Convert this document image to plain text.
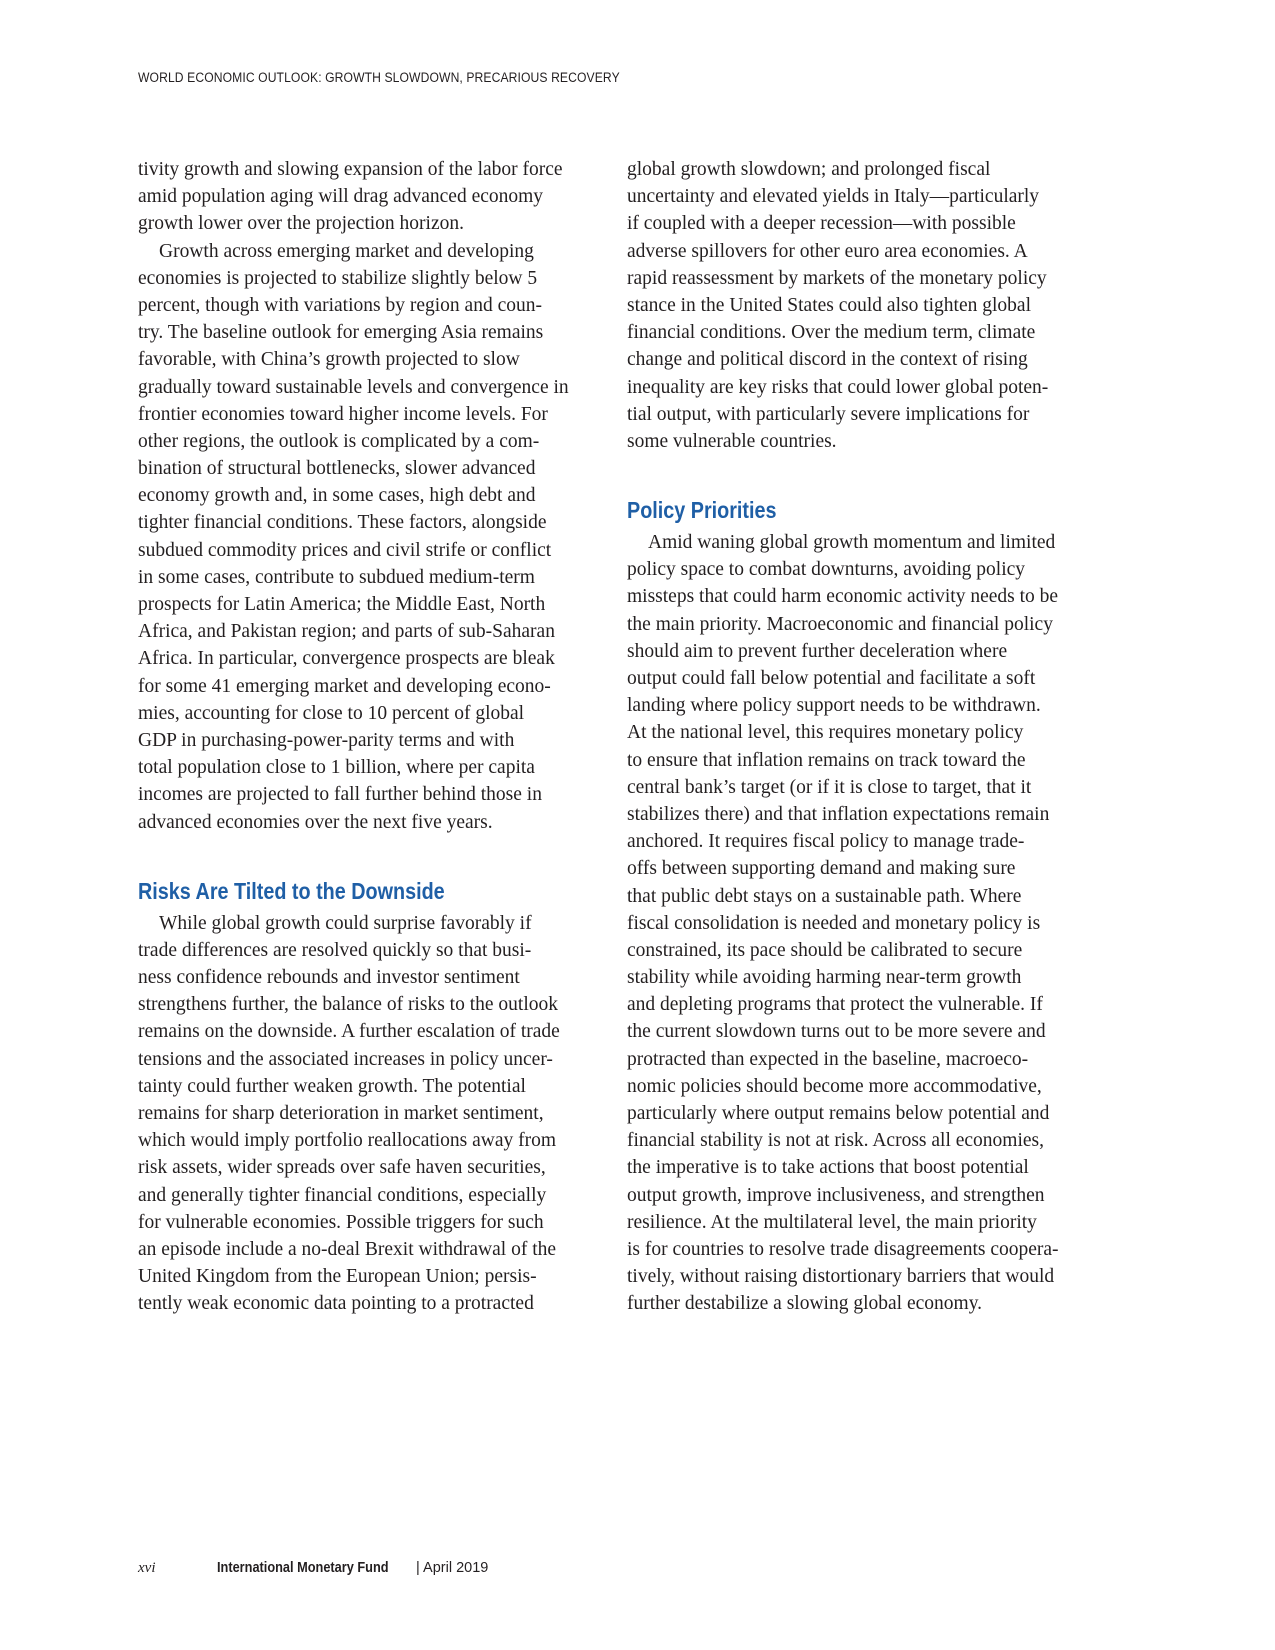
WORLD ECONOMIC OUTLOOK: GROWTH SLOWDOWN, PRECARIOUS RECOVERY
tivity growth and slowing expansion of the labor force
amid population aging will drag advanced economy
growth lower over the projection horizon.
Growth across emerging market and developing
economies is projected to stabilize slightly below 5
percent, though with variations by region and coun-
try. The baseline outlook for emerging Asia remains
favorable, with China’s growth projected to slow
gradually toward sustainable levels and convergence in
frontier economies toward higher income levels. For
other regions, the outlook is complicated by a com-
bination of structural bottlenecks, slower advanced
economy growth and, in some cases, high debt and
tighter financial conditions. These factors, alongside
subdued commodity prices and civil strife or conflict
in some cases, contribute to subdued medium-term
prospects for Latin America; the Middle East, North
Africa, and Pakistan region; and parts of sub-Saharan
Africa. In particular, convergence prospects are bleak
for some 41 emerging market and developing econo-
mies, accounting for close to 10 percent of global
GDP in purchasing-power-parity terms and with
total population close to 1 billion, where per capita
incomes are projected to fall further behind those in
advanced economies over the next five years.
Risks Are Tilted to the Downside
While global growth could surprise favorably if
trade differences are resolved quickly so that busi-
ness confidence rebounds and investor sentiment
strengthens further, the balance of risks to the outlook
remains on the downside. A further escalation of trade
tensions and the associated increases in policy uncer-
tainty could further weaken growth. The potential
remains for sharp deterioration in market sentiment,
which would imply portfolio reallocations away from
risk assets, wider spreads over safe haven securities,
and generally tighter financial conditions, especially
for vulnerable economies. Possible triggers for such
an episode include a no-deal Brexit withdrawal of the
United Kingdom from the European Union; persis-
tently weak economic data pointing to a protracted
global growth slowdown; and prolonged fiscal
uncertainty and elevated yields in Italy—particularly
if coupled with a deeper recession—with possible
adverse spillovers for other euro area economies. A
rapid reassessment by markets of the monetary policy
stance in the United States could also tighten global
financial conditions. Over the medium term, climate
change and political discord in the context of rising
inequality are key risks that could lower global poten-
tial output, with particularly severe implications for
some vulnerable countries.
Policy Priorities
Amid waning global growth momentum and limited
policy space to combat downturns, avoiding policy
missteps that could harm economic activity needs to be
the main priority. Macroeconomic and financial policy
should aim to prevent further deceleration where
output could fall below potential and facilitate a soft
landing where policy support needs to be withdrawn.
At the national level, this requires monetary policy
to ensure that inflation remains on track toward the
central bank’s target (or if it is close to target, that it
stabilizes there) and that inflation expectations remain
anchored. It requires fiscal policy to manage trade-
offs between supporting demand and making sure
that public debt stays on a sustainable path. Where
fiscal consolidation is needed and monetary policy is
constrained, its pace should be calibrated to secure
stability while avoiding harming near-term growth
and depleting programs that protect the vulnerable. If
the current slowdown turns out to be more severe and
protracted than expected in the baseline, macroeco-
nomic policies should become more accommodative,
particularly where output remains below potential and
financial stability is not at risk. Across all economies,
the imperative is to take actions that boost potential
output growth, improve inclusiveness, and strengthen
resilience. At the multilateral level, the main priority
is for countries to resolve trade disagreements coopera-
tively, without raising distortionary barriers that would
further destabilize a slowing global economy.
xvi	International Monetary Fund | April 2019
